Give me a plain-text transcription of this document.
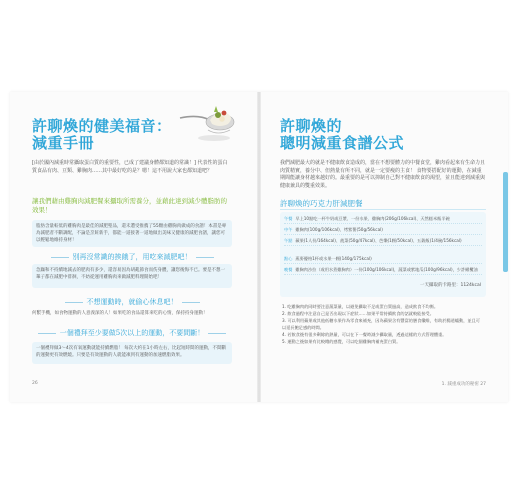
許聊煥的健美福音：
減重手冊
[由於國內減重時常攝取蛋白質的重要性，已成了建議身體都知道的常識！] 代表性的蛋白質食品有肉、豆類、雞胸肉……其中最好吃的是？嗯！這不用說大家也都知道吧？
讓我們藉由雞胸肉減肥餐來攝取所需養分，並藉此達到減少體脂肪的效果！
脂肪含量較低的雞胸肉是最佳的減肥聖品，還未遭受推薦了55顆由雞胸肉做成的食譜！本書是專為減肥者不斷調配，不論是烹飪新手，都能一道接著一道地做出美味又健康的減肥食譜，讓您可以輕鬆地維持身材！
別再沒常識的挨餓了，用吃來減肥吧！
急躁和不持續地減去的肥肉有多少，還容易因為胡亂節食而伤身體，讓您後悔不已。要是不想一輩子都在減肥中徘徊，不妨從運用雞胸肉來做減肥料理開始吧！
不想運動時，就偷心休息吧！
何繫手機，如食物運動的人意義深的人！如果吃的食品還算來吃的心情，保持持身運動！
一個禮拜至少要做5次以上的運動，不要間斷！
一個禮拜做3～4次有氧運動就能持續燃脂！ 每次大約在1小時左右，比起短時間的運動，不間斷的運動更有效燃燒。只要是有效運動的人就能凍到有運動的加速燃脂效果。
26
許聊煥的
聰明減重食譜公式
我們減肥最大的就是不健康飲食造成的，當在不想要體力的中餐食堂，雞肉看起來有生命力且肉質精實，養分中、但熱量有所不同，就是一定要瘦的主食！ 食物要搭配好的運動，在減重期間能讓身材越來越好的。最重要的是可以抑制自己對不健康飲食的渴望，並且能達到減重與健康兼具的雙重效果。
許聊煥的巧克力肝減肥餐
午餐 早上10點吃一杯牛奶或豆漿、一份水果、雞胸肉(206g/106kcal)、天然糕米飯半碗
中午 雞胸肉(100g/106kcal)、烤紫薯(50g/56kcal)
午點 蘋果(1人份/164kcal)、菠菜(50g/47kcal)、芭樂(1顆/50kcal)、五穀飯(1/4碗/156kcal)
點心 燕麥優格1杯或水果一顆(140g/175kcal)
晚餐 雞胸肉沙拉（或用水煮雞胸肉）一份(100g/106kcal)，蔬菜或紫地瓜(100g/96kcal)，少許橄欖油
一天攝取的卡路里：1124kcal
1. 吃雞胸肉的同時要注意蔬菜量，以避免攝取不足或蛋白質過高，造成飲食不均衡。
2. 飲食過程中注意自己是否出現以下症狀……如果平常持續飲食的話就較能接受。
3. 可以利用蘋果或其他低糖水果作為零食來補充，因為蘋果含有豐富的膳食纖維，有助於腸道蠕動，並且可以延長飽足感的時間。
4. 若飲食後有很多剩餘的熱量，可以在下一餐時減少攝取量，透過這樣的方式管理體重。
5. 運動之後如果有比較餓的感覺，可以吃個雞胸肉補充蛋白質。
1. 減重成功的秘密 27
